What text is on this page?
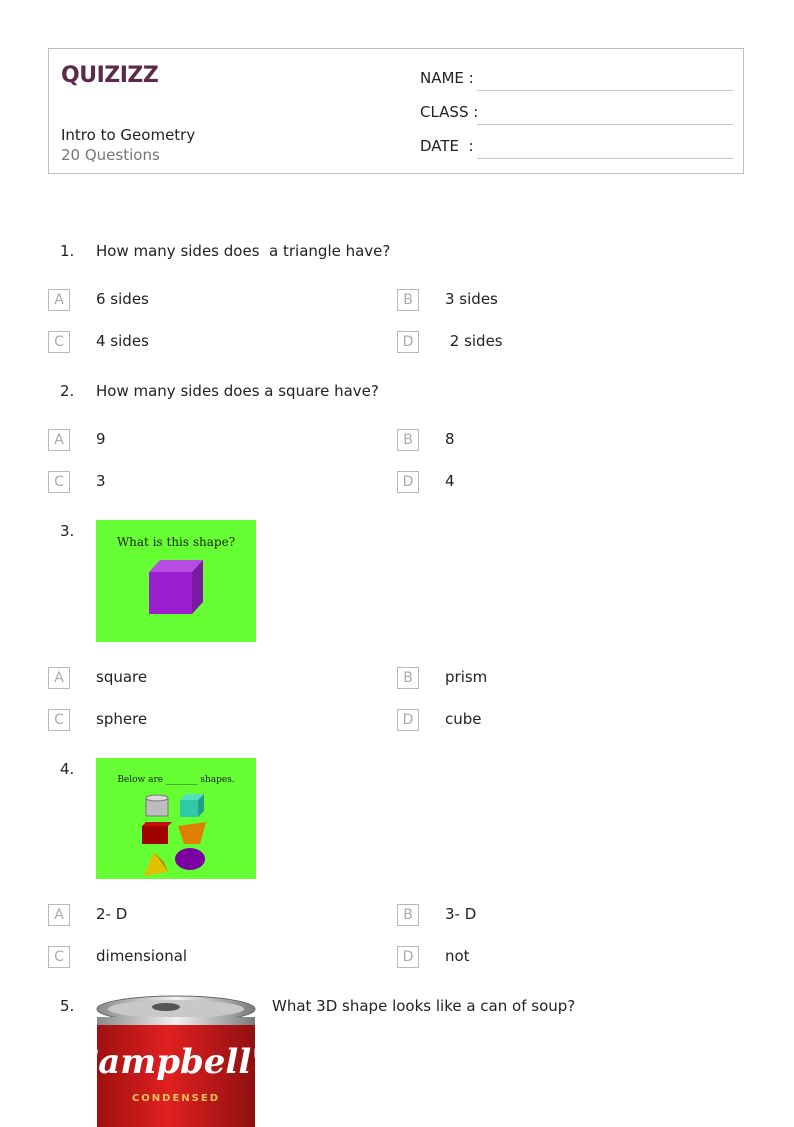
QUIZIZZ
Intro to Geometry
20 Questions
NAME :
CLASS :
DATE  :
1. How many sides does  a triangle have?
A	6 sides	B	3 sides
C	4 sides	D	2 sides
2. How many sides does a square have?
A	9	B	8
C	3	D	4
3.
What is this shape?
A	square	B	prism
C	sphere	D	cube
4.
Below are _______ shapes.
A	2- D	B	3- D
C	dimensional	D	not
5.	What 3D shape looks like a can of soup?
Campbell's
CONDENSED
